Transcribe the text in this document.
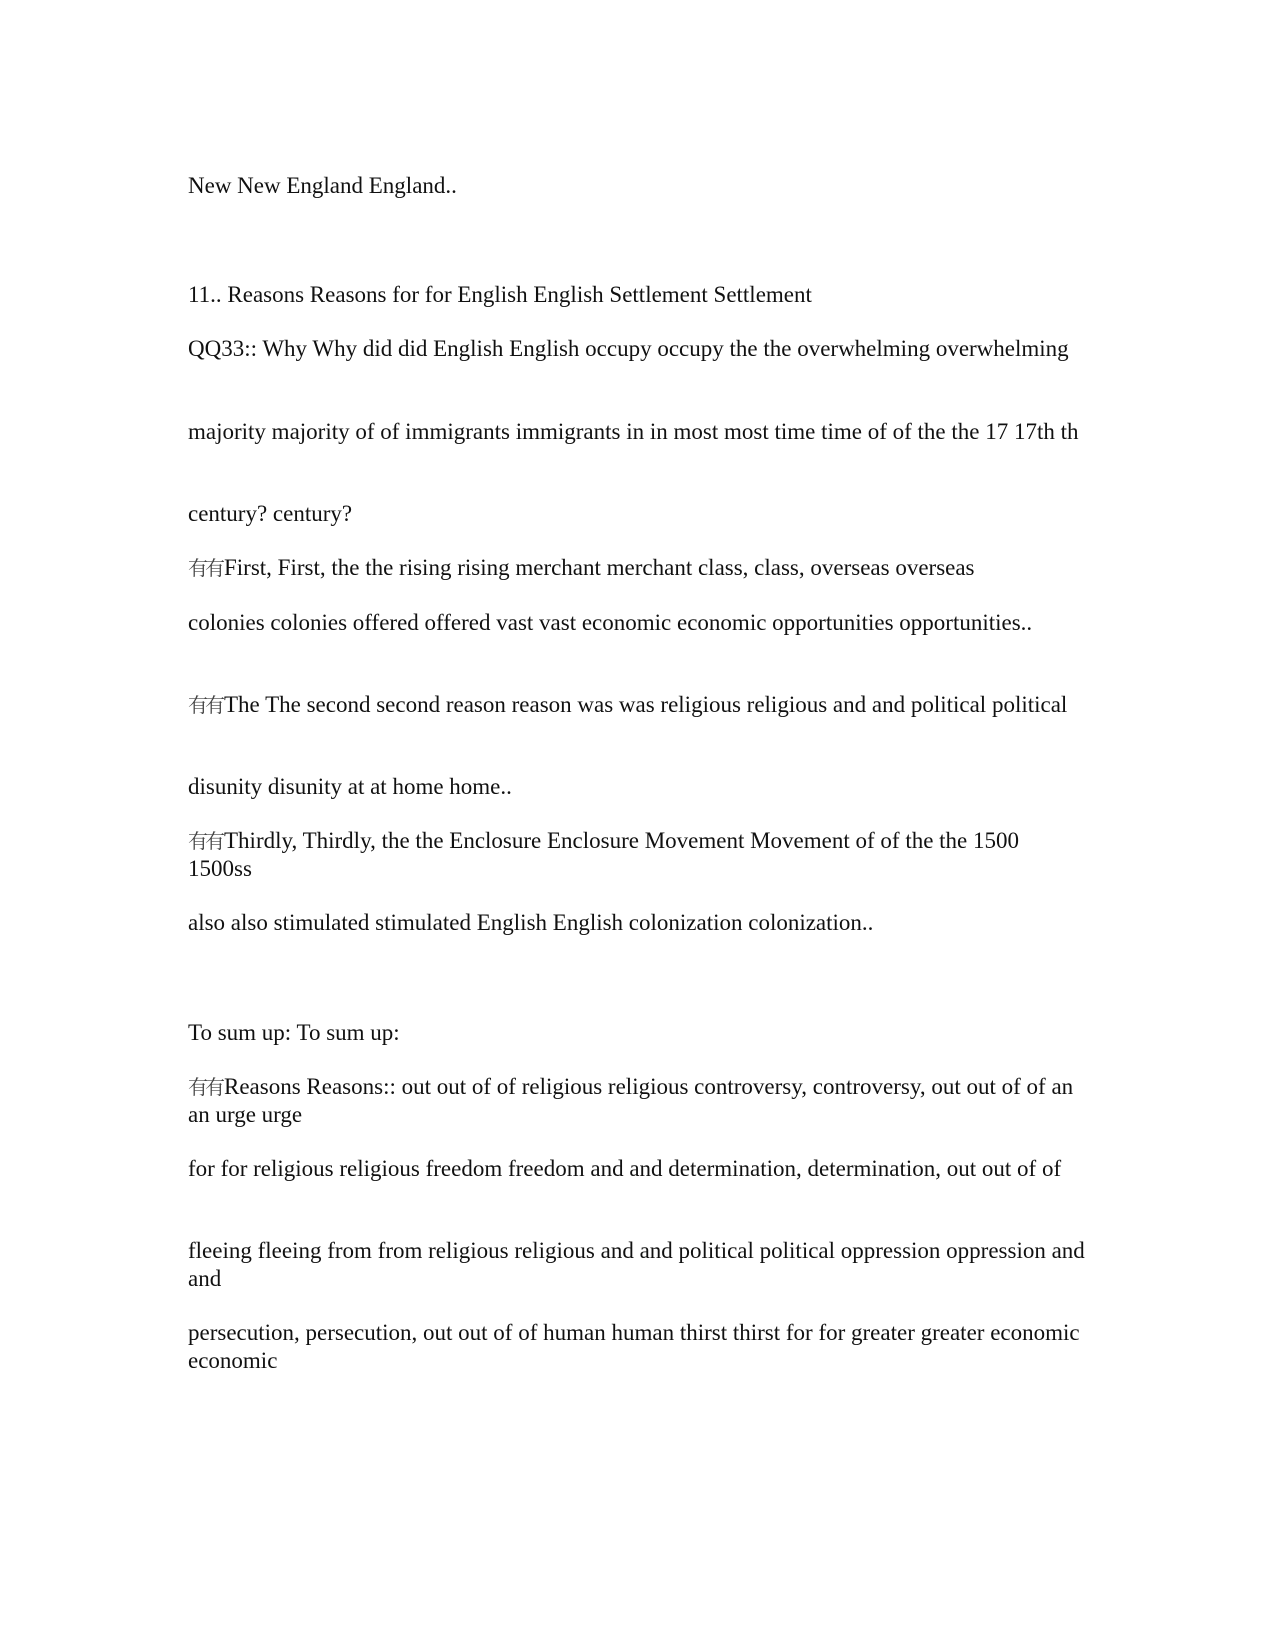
New New England England..
11.. Reasons Reasons for for English English Settlement Settlement
QQ33:: Why Why did did English English occupy occupy the the overwhelming overwhelming
majority majority of of immigrants immigrants in in most most time time of of the the 17 17th th
century? century?
有有First, First, the the rising rising merchant merchant class, class, overseas overseas
colonies colonies offered offered vast vast economic economic opportunities opportunities..
有有The The second second reason reason was was religious religious and and political political
disunity disunity at at home home..
有有Thirdly, Thirdly, the the Enclosure Enclosure Movement Movement of of the the 1500 1500ss
also also stimulated stimulated English English colonization colonization..
To sum up: To sum up:
有有Reasons Reasons:: out out of of religious religious controversy, controversy, out out of of an an urge urge
for for religious religious freedom freedom and and determination, determination, out out of of
fleeing fleeing from from religious religious and and political political oppression oppression and and
persecution, persecution, out out of of human human thirst thirst for for greater greater economic economic
